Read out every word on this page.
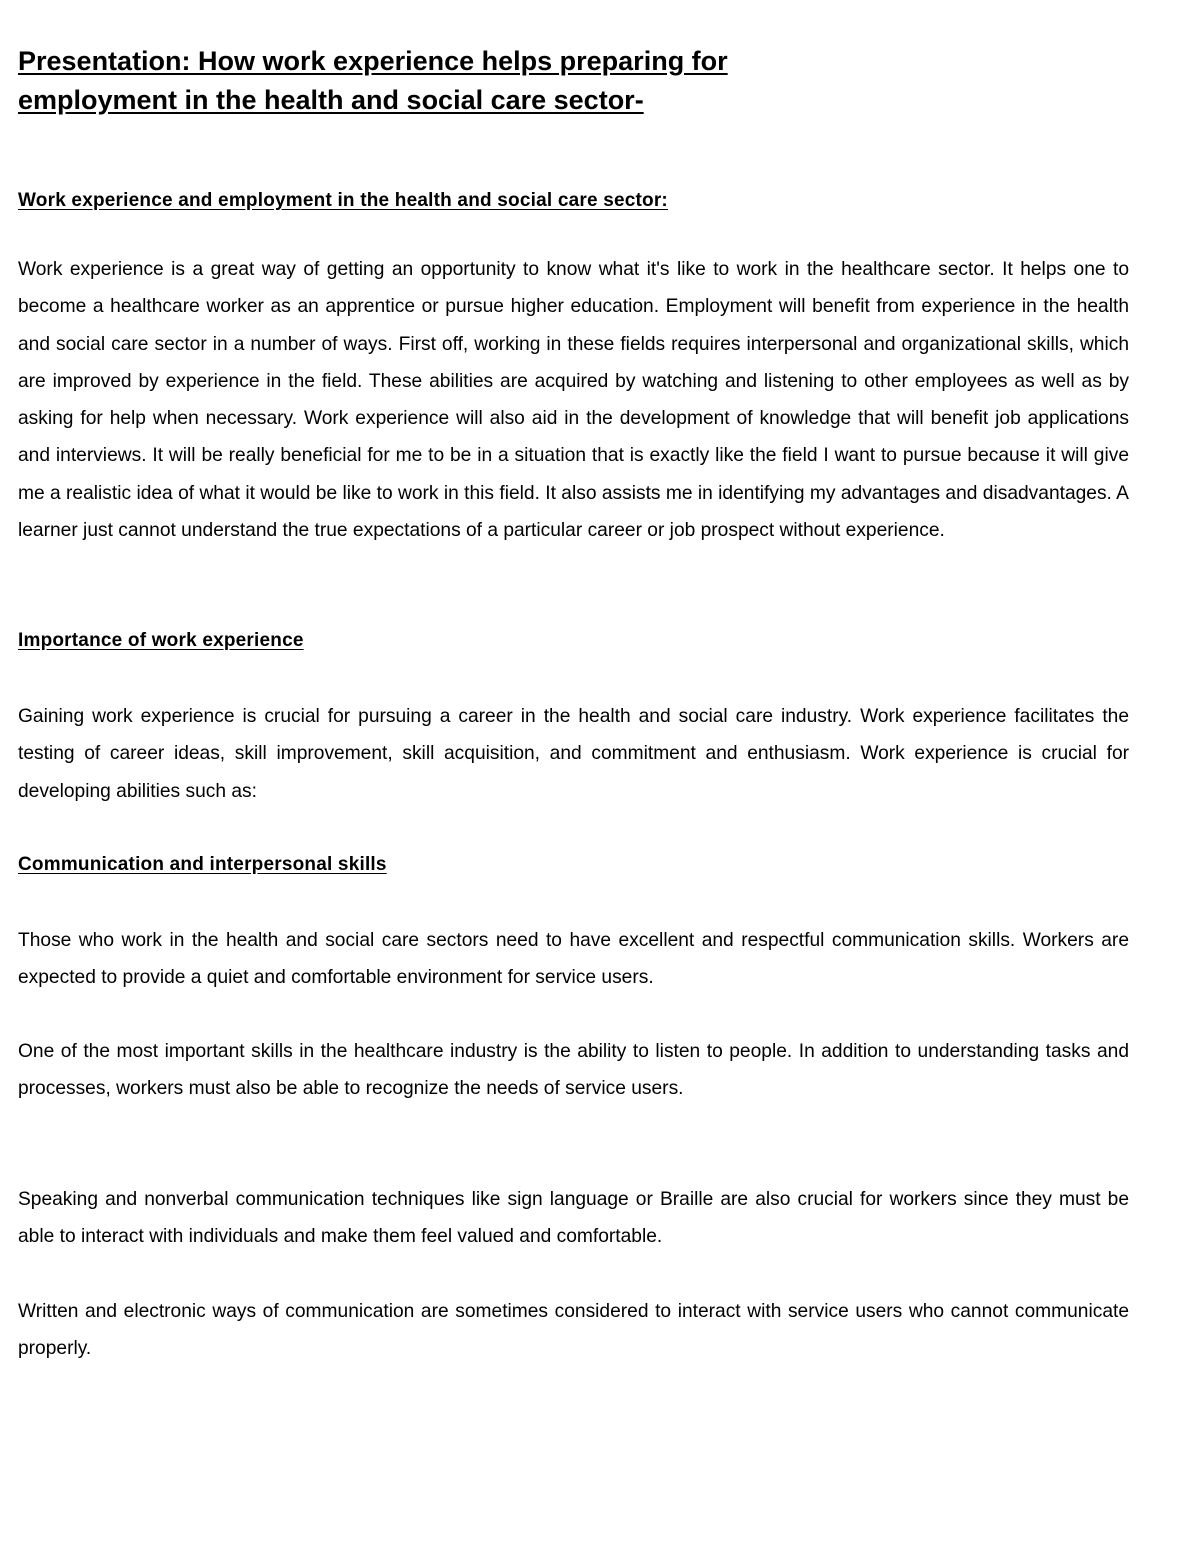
Presentation: How work experience helps preparing for
employment in the health and social care sector-
Work experience and employment in the health and social care sector:

Work experience is a great way of getting an opportunity to know what it's like to work in the healthcare sector. It helps one to become a healthcare worker as an apprentice or pursue higher education. Employment will benefit from experience in the health and social care sector in a number of ways. First off, working in these fields requires interpersonal and organizational skills, which are improved by experience in the field. These abilities are acquired by watching and listening to other employees as well as by asking for help when necessary. Work experience will also aid in the development of knowledge that will benefit job applications and interviews. It will be really beneficial for me to be in a situation that is exactly like the field I want to pursue because it will give me a realistic idea of what it would be like to work in this field. It also assists me in identifying my advantages and disadvantages. A learner just cannot understand the true expectations of a particular career or job prospect without experience.

Importance of work experience

Gaining work experience is crucial for pursuing a career in the health and social care industry. Work experience facilitates the testing of career ideas, skill improvement, skill acquisition, and commitment and enthusiasm. Work experience is crucial for developing abilities such as:

Communication and interpersonal skills

Those who work in the health and social care sectors need to have excellent and respectful communication skills. Workers are expected to provide a quiet and comfortable environment for service users.

One of the most important skills in the healthcare industry is the ability to listen to people. In addition to understanding tasks and processes, workers must also be able to recognize the needs of service users.

Speaking and nonverbal communication techniques like sign language or Braille are also crucial for workers since they must be able to interact with individuals and make them feel valued and comfortable.

Written and electronic ways of communication are sometimes considered to interact with service users who cannot communicate properly.
